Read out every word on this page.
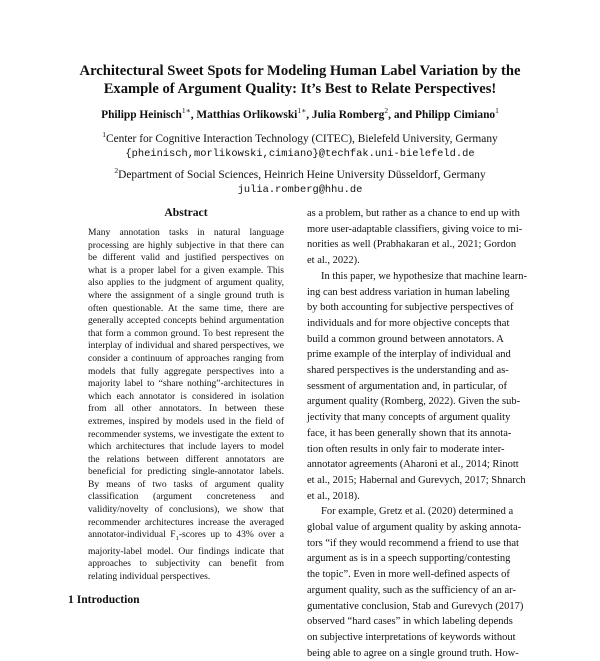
Architectural Sweet Spots for Modeling Human Label Variation by the
Example of Argument Quality: It’s Best to Relate Perspectives!
Philipp Heinisch$^{1∗}$, Matthias Orlikowski$^{1∗}$, Julia Romberg$^2$, and Philipp Cimiano$^1$
$^1$Center for Cognitive Interaction Technology (CITEC), Bielefeld University, Germany
{pheinisch,morlikowski,cimiano}@techfak.uni-bielefeld.de
$^2$Department of Social Sciences, Heinrich Heine University Düsseldorf, Germany
julia.romberg@hhu.de
Abstract
Many annotation tasks in natural language processing are highly subjective in that there can be different valid and justified perspectives on what is a proper label for a given example. This also applies to the judgment of argument quality, where the assignment of a single ground truth is often questionable. At the same time, there are generally accepted concepts behind argumentation that form a common ground. To best represent the interplay of individual and shared perspectives, we consider a continuum of approaches ranging from models that fully aggregate perspectives into a majority label to “share nothing”-architectures in which each annotator is considered in isolation from all other annotators. In between these extremes, inspired by models used in the field of recommender systems, we investigate the extent to which architectures that include layers to model the relations between different annotators are beneficial for predicting single-annotator labels. By means of two tasks of argument quality classification (argument concreteness and validity/novelty of conclusions), we show that recommender architectures increase the averaged annotator-individual $F_1$-scores up to 43% over a majority-label model. Our findings indicate that approaches to subjectivity can benefit from relating individual perspectives.
1 Introduction
as a problem, but rather as a chance to end up with
more user-adaptable classifiers, giving voice to mi-
norities as well (Prabhakaran et al., 2021; Gordon
et al., 2022).
In this paper, we hypothesize that machine learn-
ing can best address variation in human labeling
by both accounting for subjective perspectives of
individuals and for more objective concepts that
build a common ground between annotators. A
prime example of the interplay of individual and
shared perspectives is the understanding and as-
sessment of argumentation and, in particular, of
argument quality (Romberg, 2022). Given the sub-
jectivity that many concepts of argument quality
face, it has been generally shown that its annota-
tion often results in only fair to moderate inter-
annotator agreements (Aharoni et al., 2014; Rinott
et al., 2015; Habernal and Gurevych, 2017; Shnarch
et al., 2018).
For example, Gretz et al. (2020) determined a
global value of argument quality by asking annota-
tors “if they would recommend a friend to use that
argument as is in a speech supporting/contesting
the topic”. Even in more well-defined aspects of
argument quality, such as the sufficiency of an ar-
gumentative conclusion, Stab and Gurevych (2017)
observed “hard cases” in which labeling depends
on subjective interpretations of keywords without
being able to agree on a single ground truth. How-
